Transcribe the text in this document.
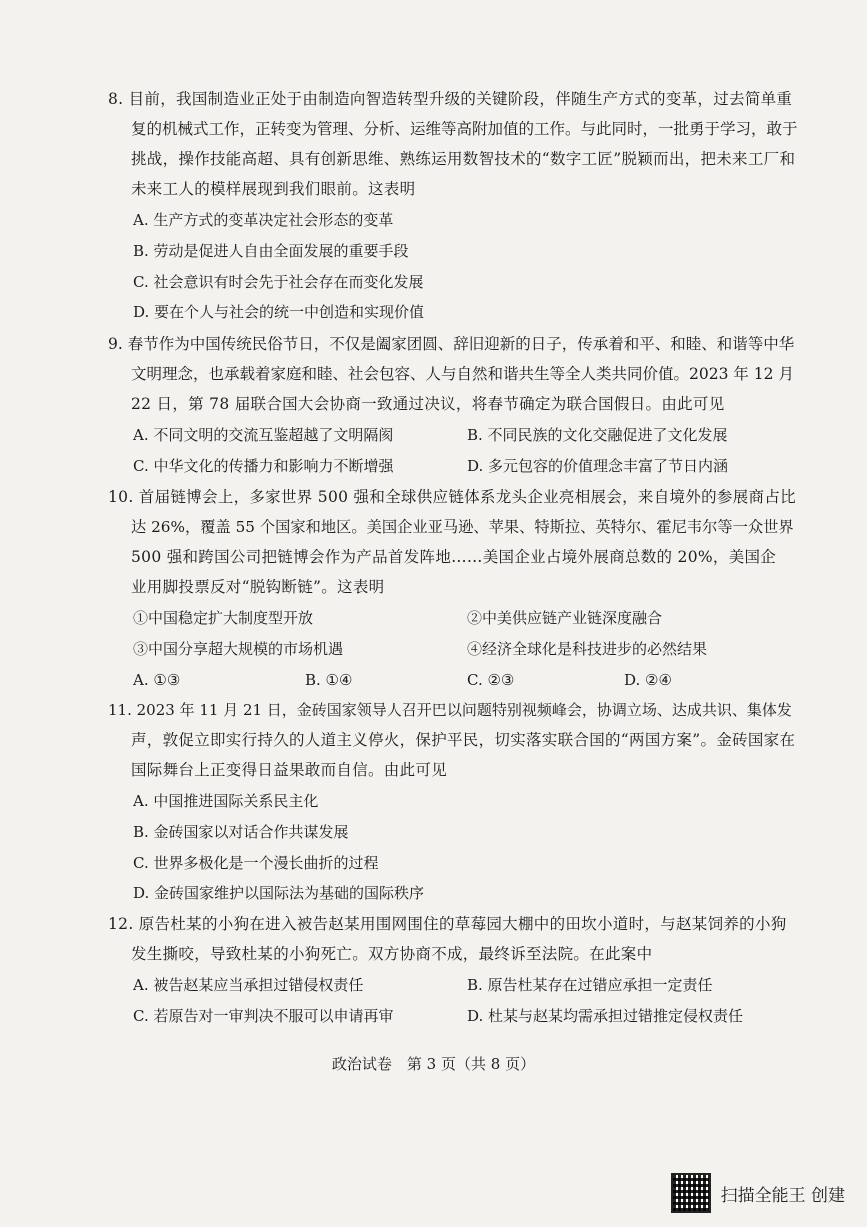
8. 目前，我国制造业正处于由制造向智造转型升级的关键阶段，伴随生产方式的变革，过去简单重
复的机械式工作，正转变为管理、分析、运维等高附加值的工作。与此同时，一批勇于学习，敢于
挑战，操作技能高超、具有创新思维、熟练运用数智技术的“数字工匠”脱颖而出，把未来工厂和
未来工人的模样展现到我们眼前。这表明
A. 生产方式的变革决定社会形态的变革
B. 劳动是促进人自由全面发展的重要手段
C. 社会意识有时会先于社会存在而变化发展
D. 要在个人与社会的统一中创造和实现价值
9. 春节作为中国传统民俗节日，不仅是阖家团圆、辞旧迎新的日子，传承着和平、和睦、和谐等中华
文明理念，也承载着家庭和睦、社会包容、人与自然和谐共生等全人类共同价值。2023 年 12 月
22 日，第 78 届联合国大会协商一致通过决议，将春节确定为联合国假日。由此可见
A. 不同文明的交流互鉴超越了文明隔阂	B. 不同民族的文化交融促进了文化发展
C. 中华文化的传播力和影响力不断增强	D. 多元包容的价值理念丰富了节日内涵
10. 首届链博会上，多家世界 500 强和全球供应链体系龙头企业亮相展会，来自境外的参展商占比
达 26%，覆盖 55 个国家和地区。美国企业亚马逊、苹果、特斯拉、英特尔、霍尼韦尔等一众世界
500 强和跨国公司把链博会作为产品首发阵地……美国企业占境外展商总数的 20%，美国企
业用脚投票反对“脱钩断链”。这表明
①中国稳定扩大制度型开放	②中美供应链产业链深度融合
③中国分享超大规模的市场机遇	④经济全球化是科技进步的必然结果
A. ①③	B. ①④	C. ②③	D. ②④
11. 2023 年 11 月 21 日，金砖国家领导人召开巴以问题特别视频峰会，协调立场、达成共识、集体发
声，敦促立即实行持久的人道主义停火，保护平民，切实落实联合国的“两国方案”。金砖国家在
国际舞台上正变得日益果敢而自信。由此可见
A. 中国推进国际关系民主化
B. 金砖国家以对话合作共谋发展
C. 世界多极化是一个漫长曲折的过程
D. 金砖国家维护以国际法为基础的国际秩序
12. 原告杜某的小狗在进入被告赵某用围网围住的草莓园大棚中的田坎小道时，与赵某饲养的小狗
发生撕咬，导致杜某的小狗死亡。双方协商不成，最终诉至法院。在此案中
A. 被告赵某应当承担过错侵权责任	B. 原告杜某存在过错应承担一定责任
C. 若原告对一审判决不服可以申请再审	D. 杜某与赵某均需承担过错推定侵权责任
政治试卷　第 3 页（共 8 页）
扫描全能王 创建
